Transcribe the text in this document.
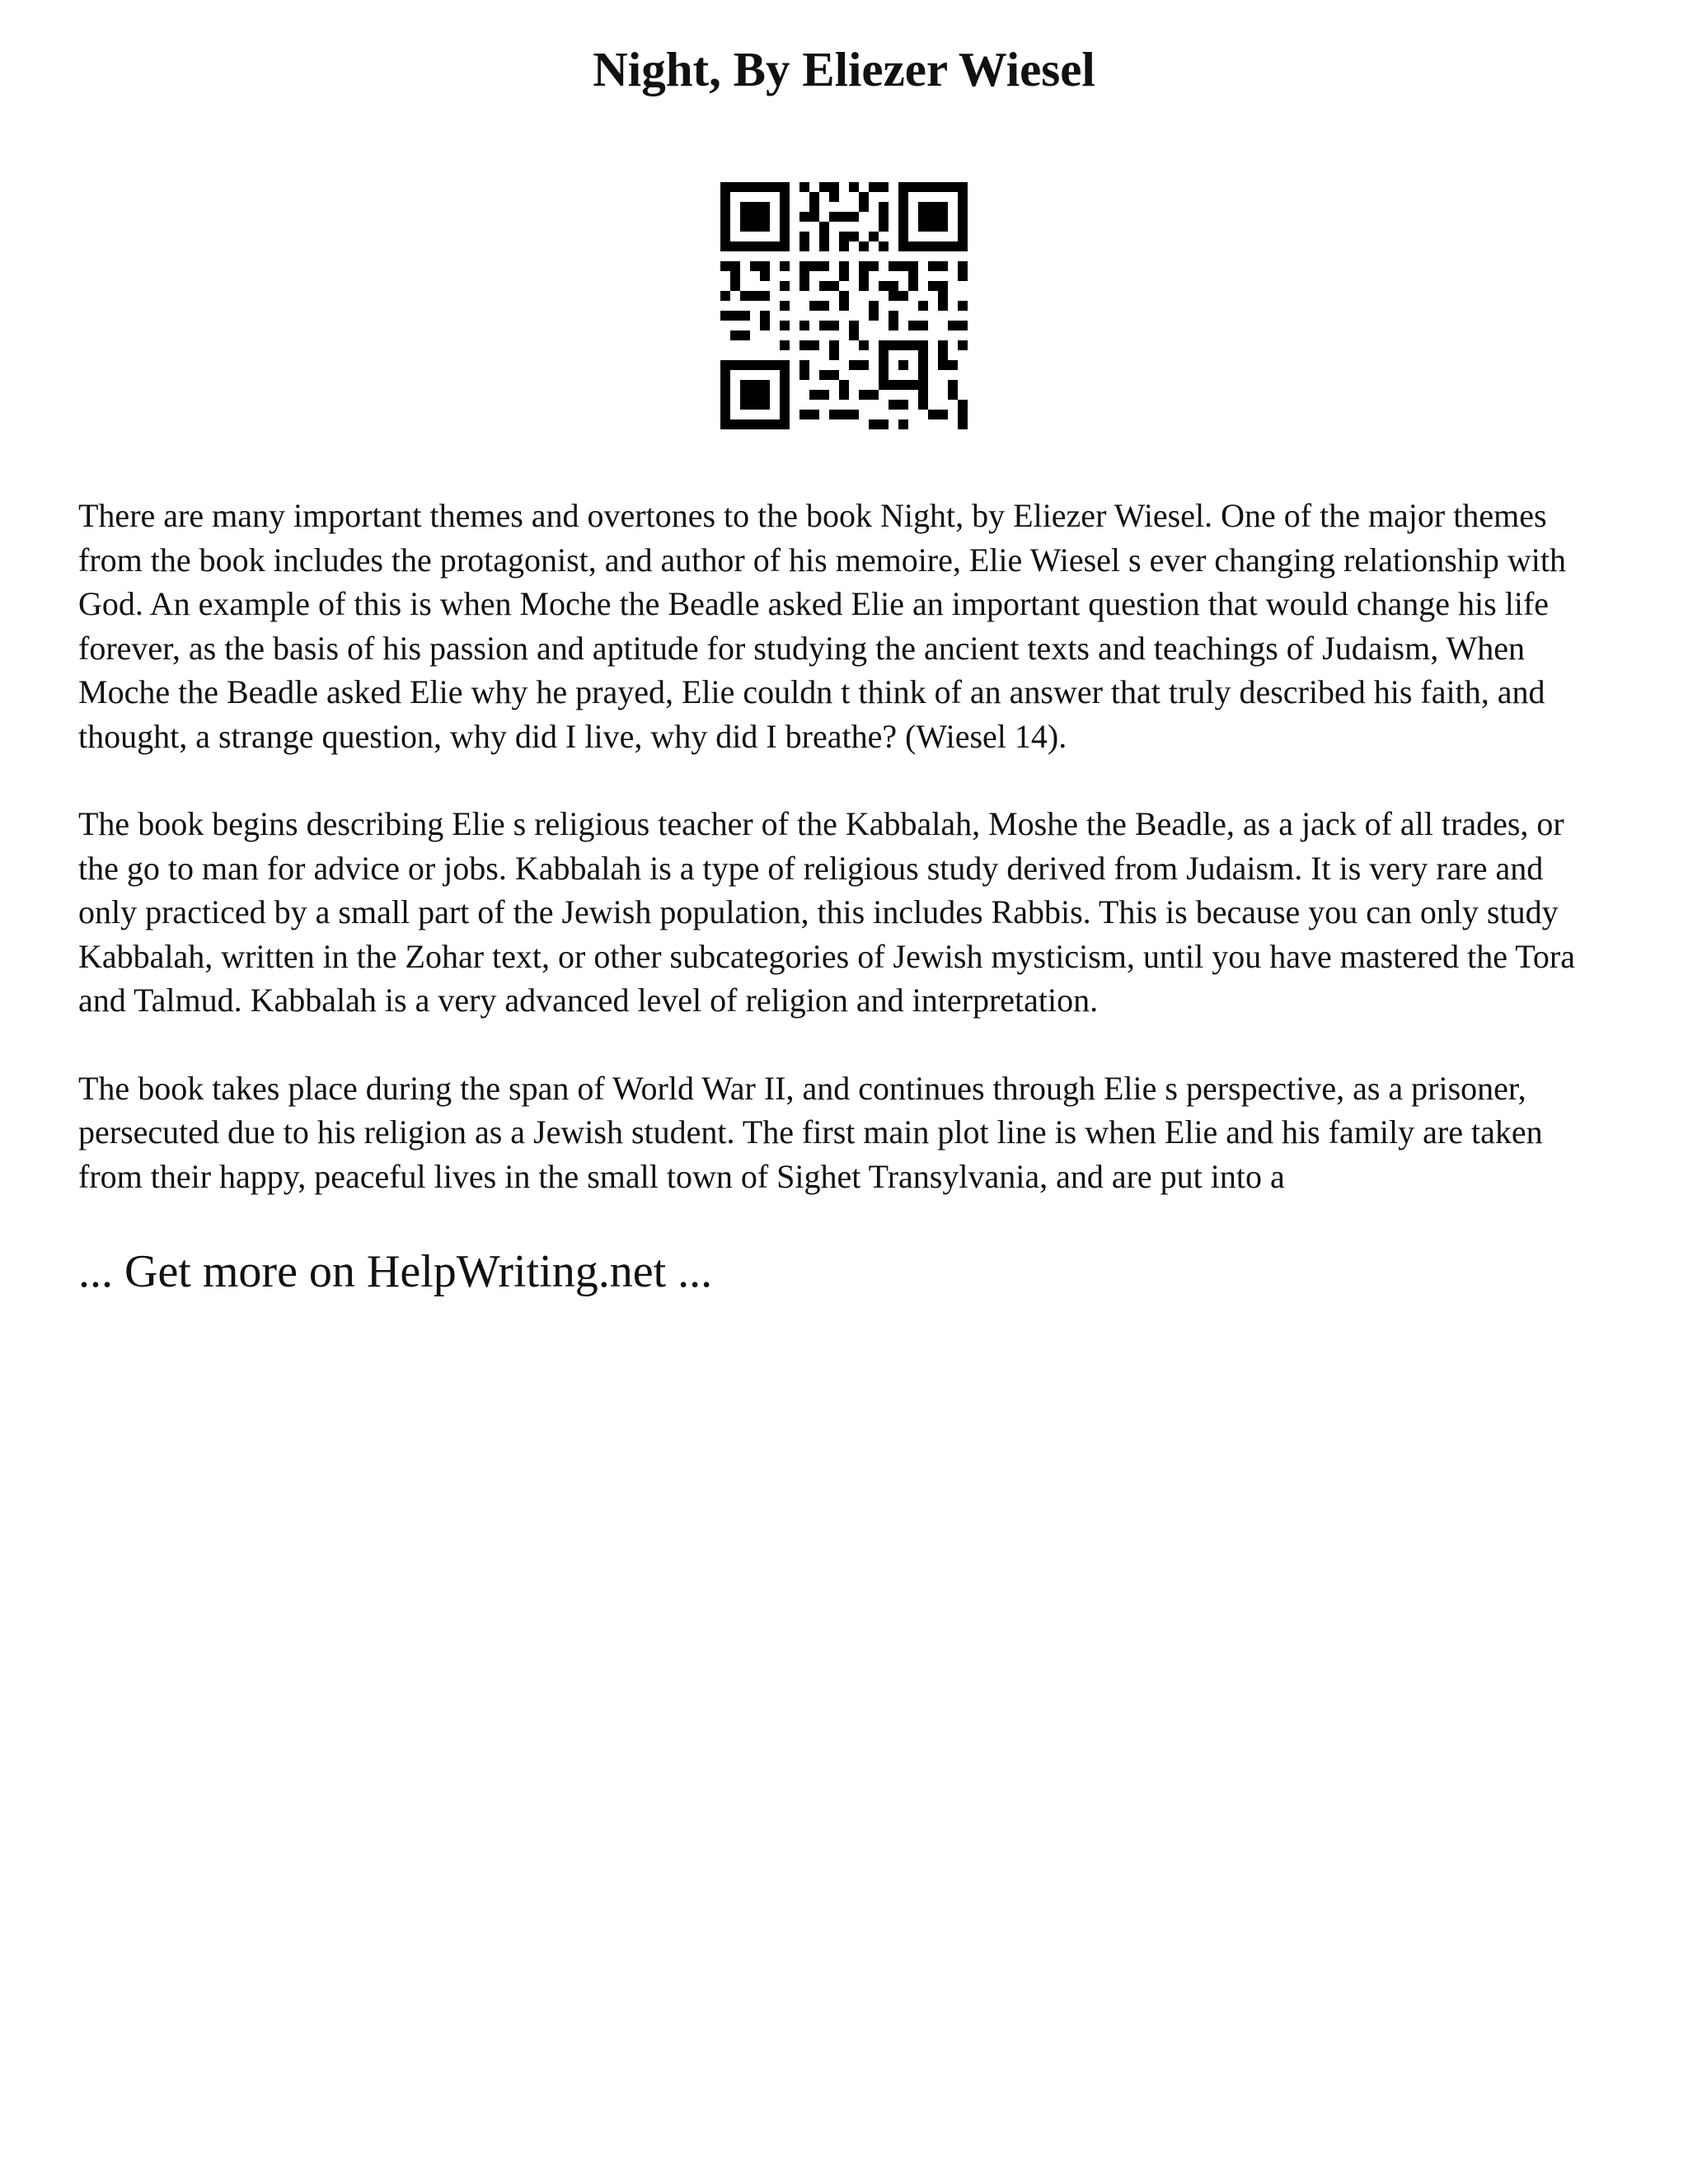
Night, By Eliezer Wiesel

There are many important themes and overtones to the book Night, by Eliezer Wiesel. One of the major themes from the book includes the protagonist, and author of his memoire, Elie Wiesel s ever changing relationship with God. An example of this is when Moche the Beadle asked Elie an important question that would change his life forever, as the basis of his passion and aptitude for studying the ancient texts and teachings of Judaism, When Moche the Beadle asked Elie why he prayed, Elie couldn t think of an answer that truly described his faith, and thought, a strange question, why did I live, why did I breathe? (Wiesel 14).

The book begins describing Elie s religious teacher of the Kabbalah, Moshe the Beadle, as a jack of all trades, or the go to man for advice or jobs. Kabbalah is a type of religious study derived from Judaism. It is very rare and only practiced by a small part of the Jewish population, this includes Rabbis. This is because you can only study Kabbalah, written in the Zohar text, or other subcategories of Jewish mysticism, until you have mastered the Tora and Talmud. Kabbalah is a very advanced level of religion and interpretation.

The book takes place during the span of World War II, and continues through Elie s perspective, as a prisoner, persecuted due to his religion as a Jewish student. The first main plot line is when Elie and his family are taken from their happy, peaceful lives in the small town of Sighet Transylvania, and are put into a

... Get more on HelpWriting.net ...
